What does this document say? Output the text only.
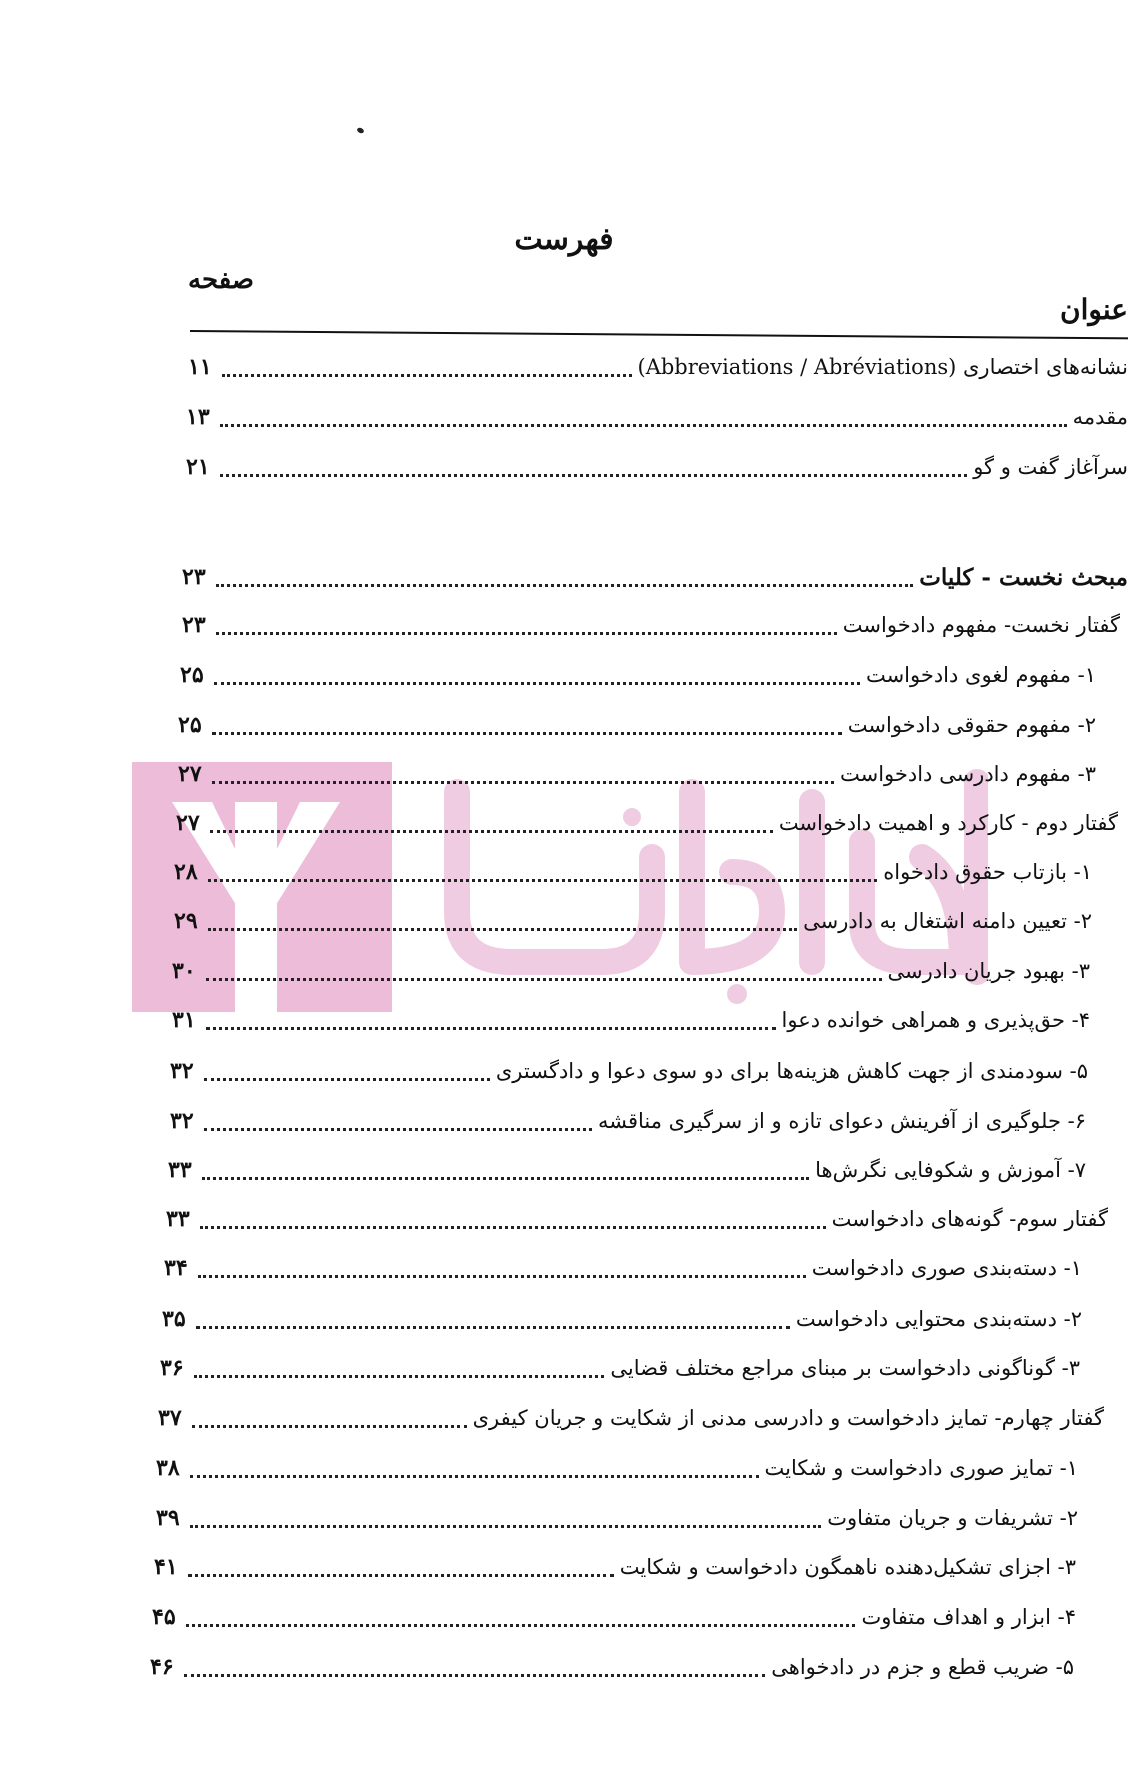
فهرست
صفحه
عنوان
۱۱	نشانه‌های اختصاری (Abbreviations / Abréviations)
۱۳	مقدمه
۲۱	سرآغاز گفت و گو
۲۳	مبحث نخست - کلیات
۲۳	گفتار نخست- مفهوم دادخواست
۲۵	۱- مفهوم لغوی دادخواست
۲۵	۲- مفهوم حقوقی دادخواست
۲۷	۳- مفهوم دادرسی دادخواست
۲۷	گفتار دوم - کارکرد و اهمیت دادخواست
۲۸	۱- بازتاب حقوق دادخواه
۲۹	۲- تعیین دامنه اشتغال به دادرسی
۳۰	۳- بهبود جریان دادرسی
۳۱	۴- حق‌پذیری و همراهی خوانده دعوا
۳۲	۵- سودمندی از جهت کاهش هزینه‌ها برای دو سوی دعوا و دادگستری
۳۲	۶- جلوگیری از آفرینش دعوای تازه و از سرگیری مناقشه
۳۳	۷- آموزش و شکوفایی نگرش‌ها
۳۳	گفتار سوم- گونه‌های دادخواست
۳۴	۱- دسته‌بندی صوری دادخواست
۳۵	۲- دسته‌بندی محتوایی دادخواست
۳۶	۳- گوناگونی دادخواست بر مبنای مراجع مختلف قضایی
۳۷	گفتار چهارم- تمایز دادخواست و دادرسی مدنی از شکایت و جریان کیفری
۳۸	۱- تمایز صوری دادخواست و شکایت
۳۹	۲- تشریفات و جریان متفاوت
۴۱	۳- اجزای تشکیل‌دهنده ناهمگون دادخواست و شکایت
۴۵	۴- ابزار و اهداف متفاوت
۴۶	۵- ضریب قطع و جزم در دادخواهی
